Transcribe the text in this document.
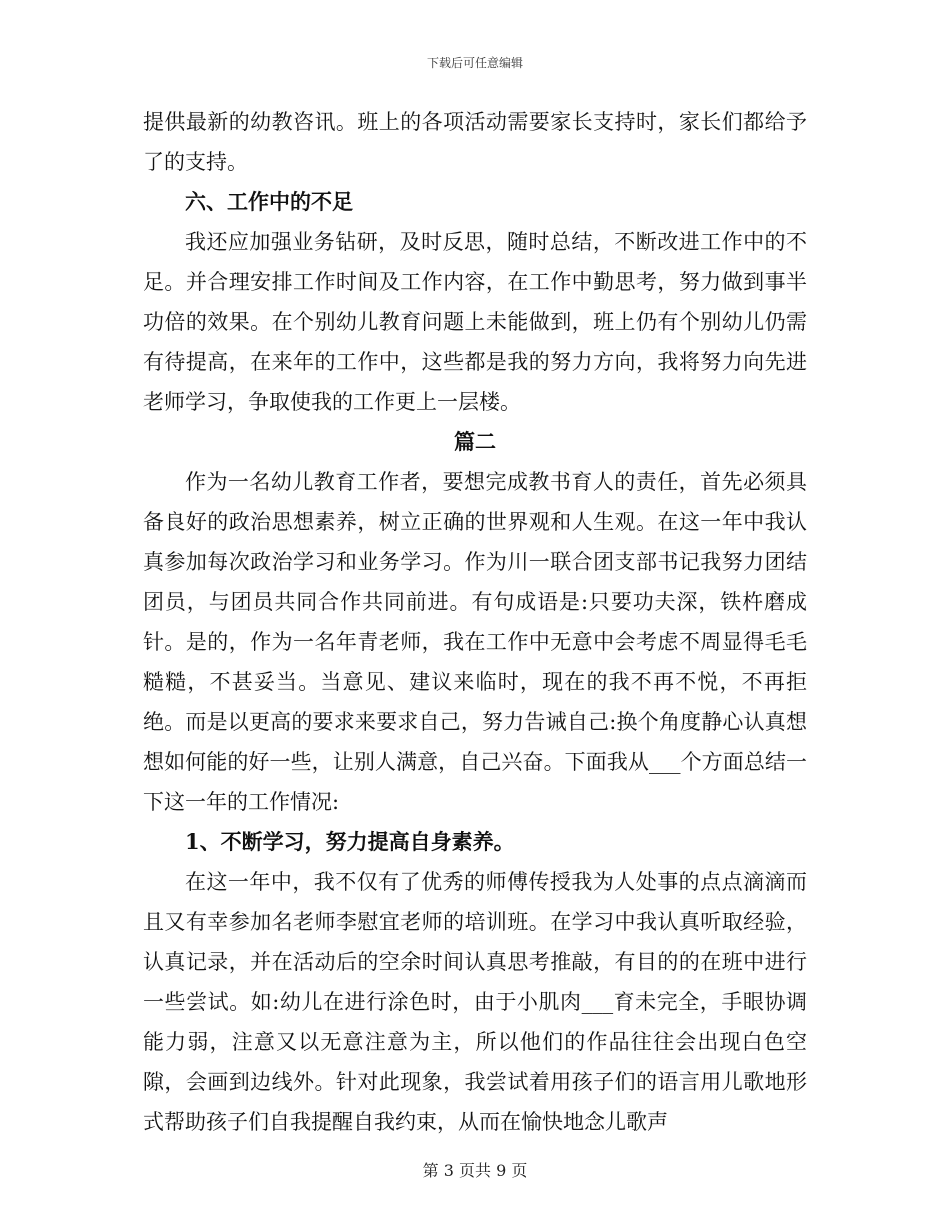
下载后可任意编辑

提供最新的幼教咨讯。班上的各项活动需要家长支持时，家长们都给予了的支持。

六、工作中的不足

我还应加强业务钻研，及时反思，随时总结，不断改进工作中的不足。并合理安排工作时间及工作内容，在工作中勤思考，努力做到事半功倍的效果。在个别幼儿教育问题上未能做到，班上仍有个别幼儿仍需有待提高，在来年的工作中，这些都是我的努力方向，我将努力向先进老师学习，争取使我的工作更上一层楼。

篇二

作为一名幼儿教育工作者，要想完成教书育人的责任，首先必须具备良好的政治思想素养，树立正确的世界观和人生观。在这一年中我认真参加每次政治学习和业务学习。作为川一联合团支部书记我努力团结团员，与团员共同合作共同前进。有句成语是:只要功夫深，铁杵磨成针。是的，作为一名年青老师，我在工作中无意中会考虑不周显得毛毛糙糙，不甚妥当。当意见、建议来临时，现在的我不再不悦，不再拒绝。而是以更高的要求来要求自己，努力告诫自己:换个角度静心认真想想如何能的好一些，让别人满意，自己兴奋。下面我从___个方面总结一下这一年的工作情况:

1、不断学习，努力提高自身素养。

在这一年中，我不仅有了优秀的师傅传授我为人处事的点点滴滴而且又有幸参加名老师李慰宜老师的培训班。在学习中我认真听取经验，认真记录，并在活动后的空余时间认真思考推敲，有目的的在班中进行一些尝试。如:幼儿在进行涂色时，由于小肌肉___育未完全，手眼协调能力弱，注意又以无意注意为主，所以他们的作品往往会出现白色空隙，会画到边线外。针对此现象，我尝试着用孩子们的语言用儿歌地形式帮助孩子们自我提醒自我约束，从而在愉快地念儿歌声

第 3 页共 9 页
